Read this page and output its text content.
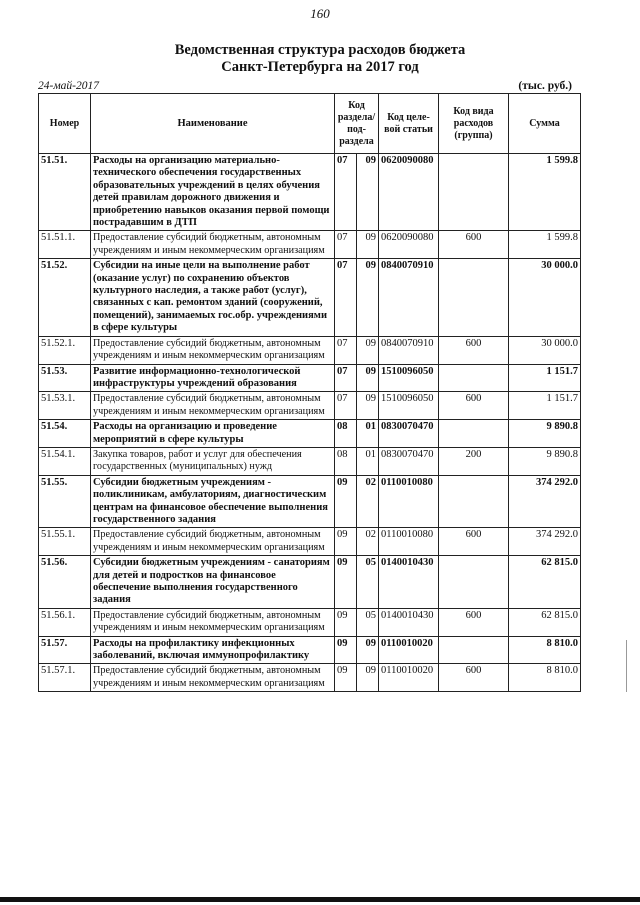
160
Ведомственная структура расходов бюджета
Санкт-Петербурга на 2017 год
24-май-2017	(тыс. руб.)
Номер	Наименование	Код раздела/ под- раздела		Код целе- вой статьи	Код вида расходов (группа)	Сумма
51.51.	Расходы на организацию материально-технического обеспечения государственных образовательных учреждений в целях обучения детей правилам дорожного движения и приобретению навыков оказания первой помощи пострадавшим в ДТП	07	09	0620090080		1 599.8
51.51.1.	Предоставление субсидий бюджетным, автономным учреждениям и иным некоммерческим организациям	07	09	0620090080	600	1 599.8
51.52.	Субсидии на иные цели на выполнение работ (оказание услуг) по сохранению объектов культурного наследия, а также работ (услуг), связанных с кап. ремонтом зданий (сооружений, помещений), занимаемых гос.обр. учреждениями в сфере культуры	07	09	0840070910		30 000.0
51.52.1.	Предоставление субсидий бюджетным, автономным учреждениям и иным некоммерческим организациям	07	09	0840070910	600	30 000.0
51.53.	Развитие информационно-технологической инфраструктуры учреждений образования	07	09	1510096050		1 151.7
51.53.1.	Предоставление субсидий бюджетным, автономным учреждениям и иным некоммерческим организациям	07	09	1510096050	600	1 151.7
51.54.	Расходы на организацию и проведение мероприятий в сфере культуры	08	01	0830070470		9 890.8
51.54.1.	Закупка товаров, работ и услуг для обеспечения государственных (муниципальных) нужд	08	01	0830070470	200	9 890.8
51.55.	Субсидии бюджетным учреждениям - поликлиникам, амбулаториям, диагностическим центрам на финансовое обеспечение выполнения государственного задания	09	02	0110010080		374 292.0
51.55.1.	Предоставление субсидий бюджетным, автономным учреждениям и иным некоммерческим организациям	09	02	0110010080	600	374 292.0
51.56.	Субсидии бюджетным учреждениям - санаториям для детей и подростков на финансовое обеспечение выполнения государственного задания	09	05	0140010430		62 815.0
51.56.1.	Предоставление субсидий бюджетным, автономным учреждениям и иным некоммерческим организациям	09	05	0140010430	600	62 815.0
51.57.	Расходы на профилактику инфекционных заболеваний, включая иммунопрофилактику	09	09	0110010020		8 810.0
51.57.1.	Предоставление субсидий бюджетным, автономным учреждениям и иным некоммерческим организациям	09	09	0110010020	600	8 810.0
